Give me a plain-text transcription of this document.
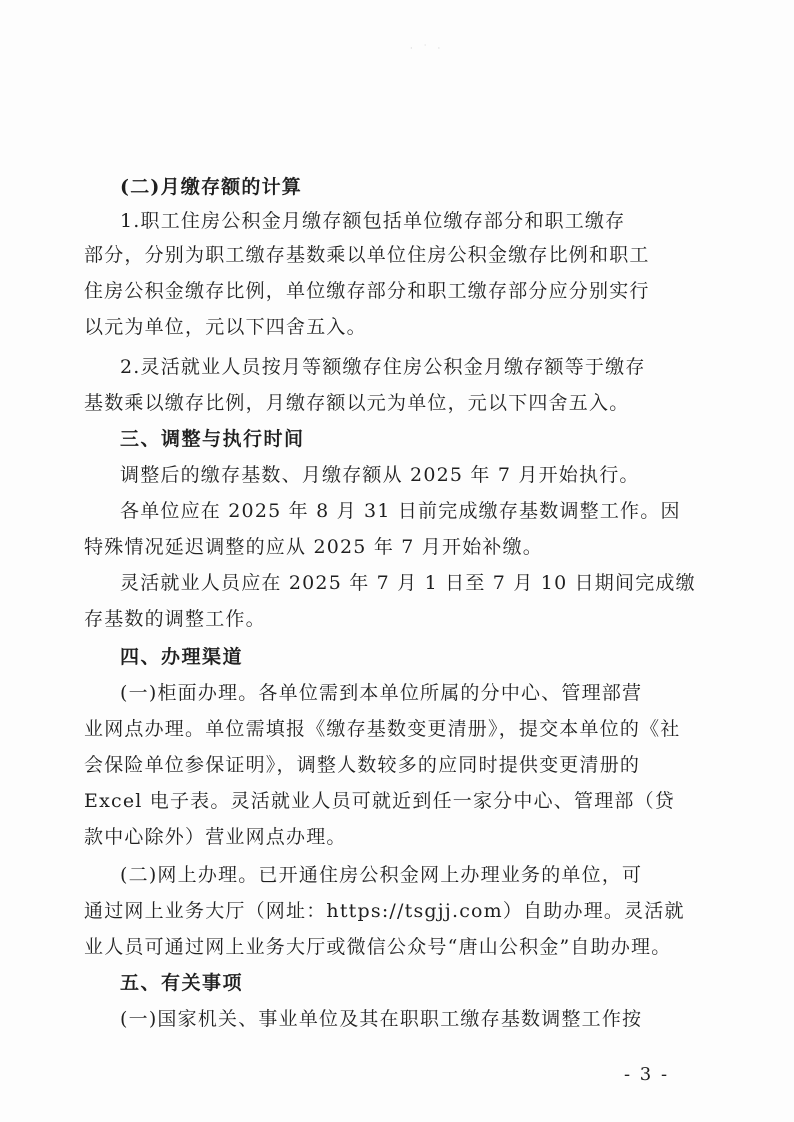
· ˙ ·
(二)月缴存额的计算
1.职工住房公积金月缴存额包括单位缴存部分和职工缴存
部分，分别为职工缴存基数乘以单位住房公积金缴存比例和职工
住房公积金缴存比例，单位缴存部分和职工缴存部分应分别实行
以元为单位，元以下四舍五入。
2.灵活就业人员按月等额缴存住房公积金月缴存额等于缴存
基数乘以缴存比例，月缴存额以元为单位，元以下四舍五入。
三、调整与执行时间
调整后的缴存基数、月缴存额从 2025 年 7 月开始执行。
各单位应在 2025 年 8 月 31 日前完成缴存基数调整工作。因
特殊情况延迟调整的应从 2025 年 7 月开始补缴。
灵活就业人员应在 2025 年 7 月 1 日至 7 月 10 日期间完成缴
存基数的调整工作。
四、办理渠道
(一)柜面办理。各单位需到本单位所属的分中心、管理部营
业网点办理。单位需填报《缴存基数变更清册》，提交本单位的《社
会保险单位参保证明》，调整人数较多的应同时提供变更清册的
Excel 电子表。灵活就业人员可就近到任一家分中心、管理部（贷
款中心除外）营业网点办理。
(二)网上办理。已开通住房公积金网上办理业务的单位，可
通过网上业务大厅（网址：https://tsgjj.com）自助办理。灵活就
业人员可通过网上业务大厅或微信公众号“唐山公积金”自助办理。
五、有关事项
(一)国家机关、事业单位及其在职职工缴存基数调整工作按
- 3 -
